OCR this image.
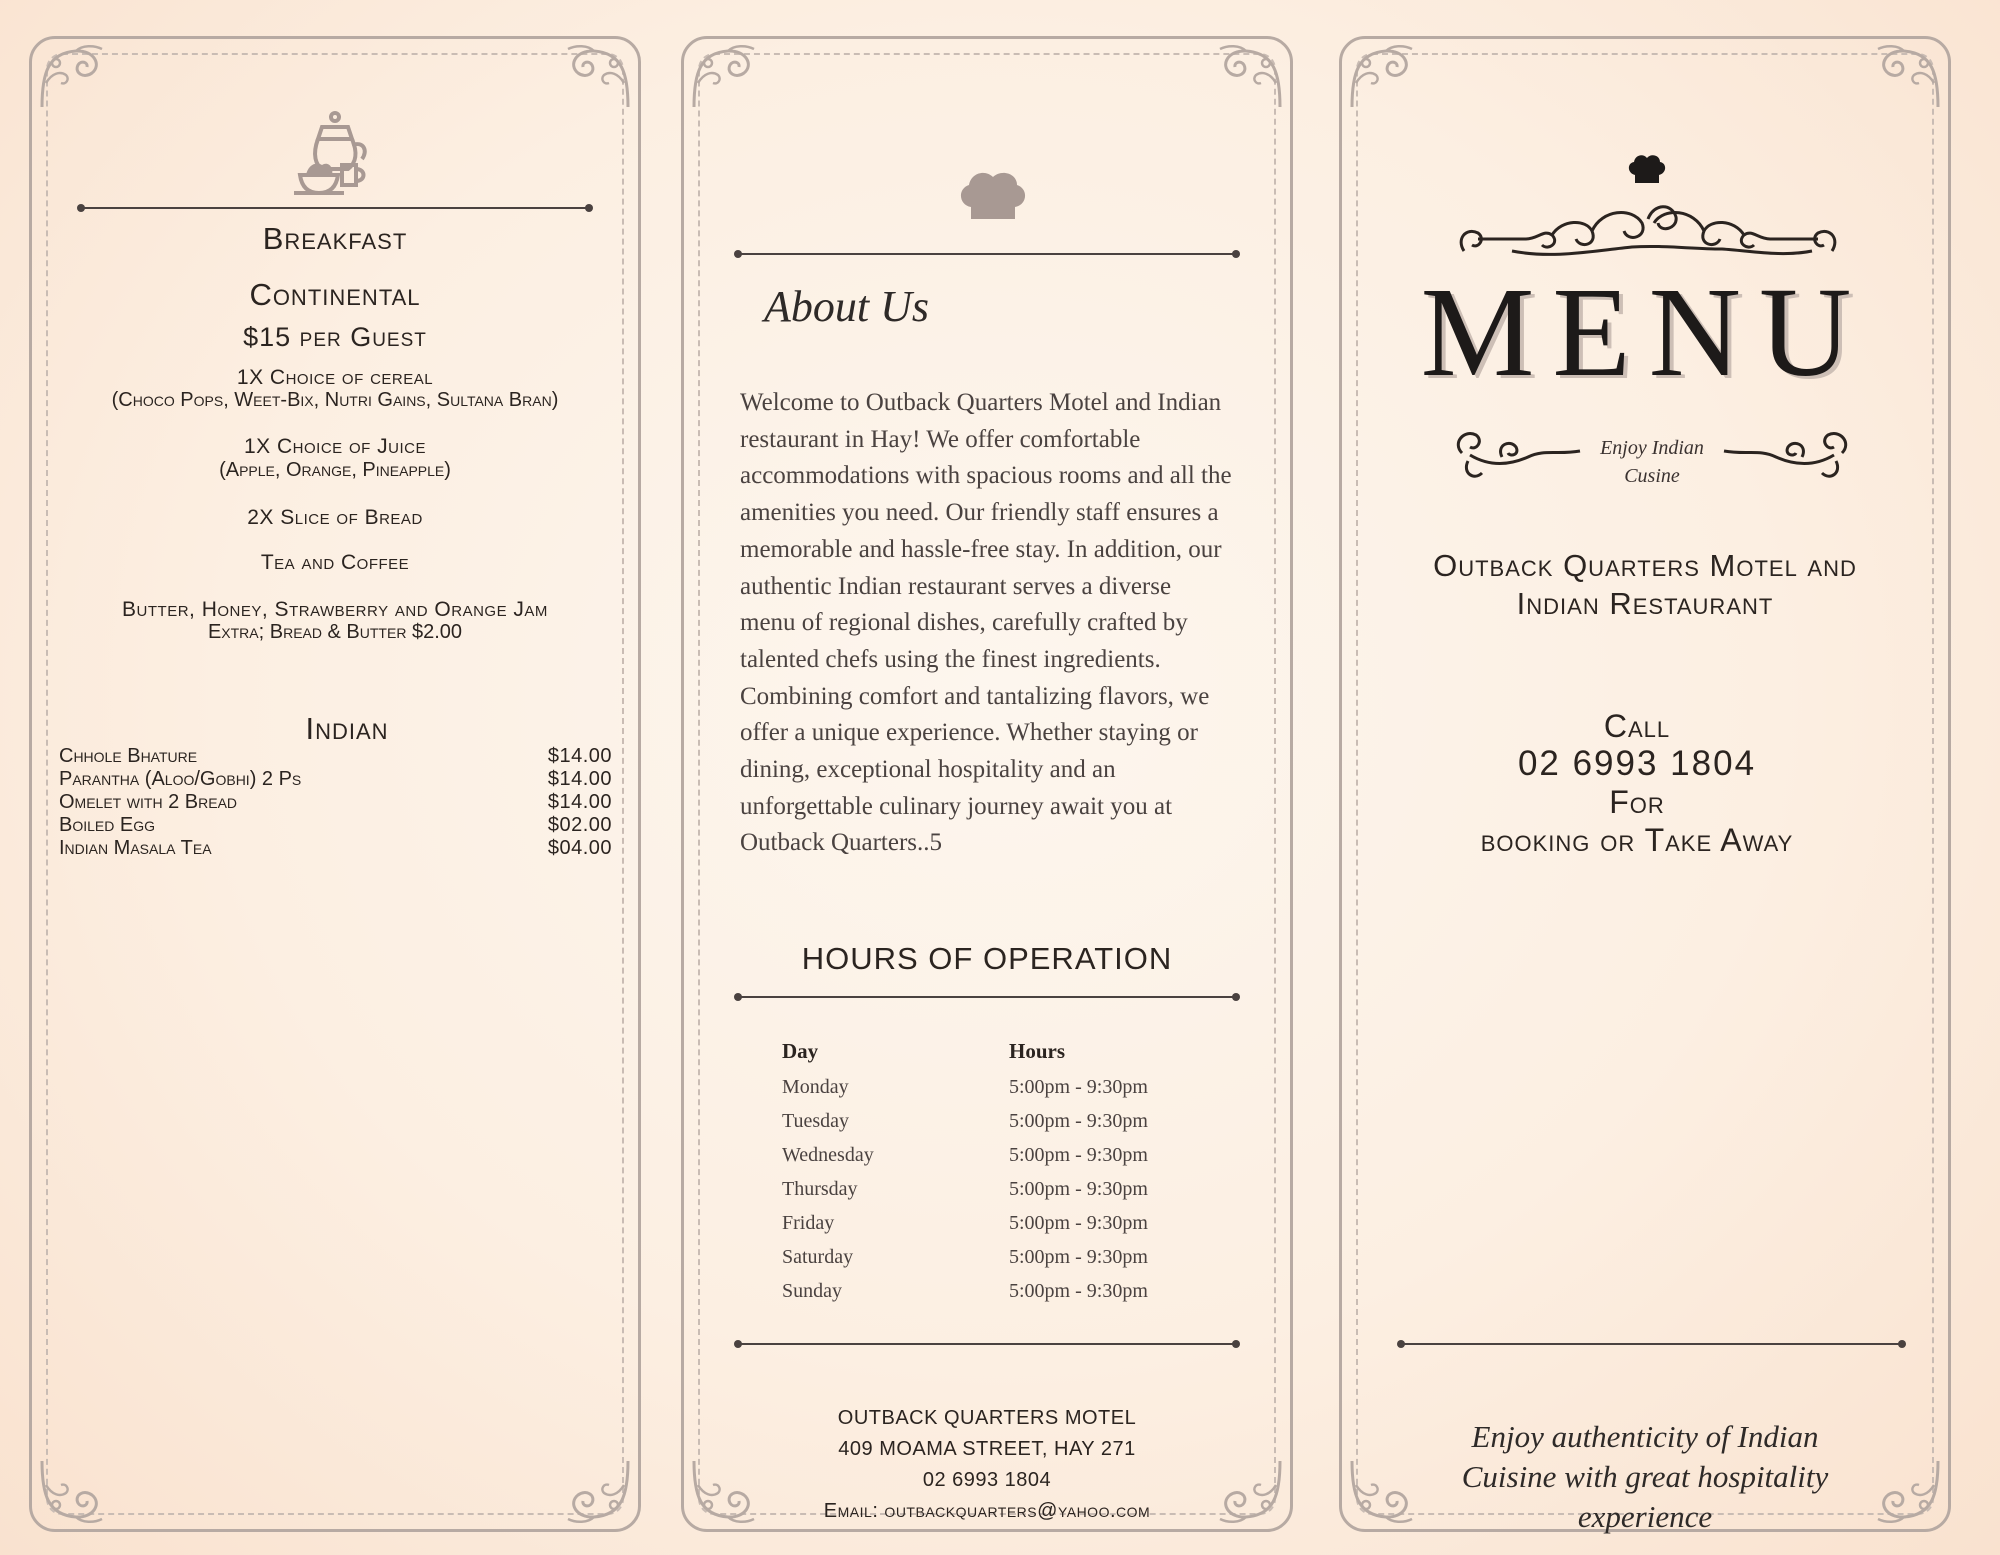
Breakfast
Continental
$15 per Guest
1X Choice of cereal
(Choco Pops, Weet-Bix, Nutri Gains, Sultana Bran)
1X Choice of Juice
(Apple, Orange, Pineapple)
2X Slice of Bread
Tea and Coffee
Butter, Honey, Strawberry and Orange Jam
Extra; Bread & Butter $2.00
Indian
Chhole Bhature	$14.00
Parantha (Aloo/Gobhi) 2 Ps	$14.00
Omelet with 2 Bread	$14.00
Boiled Egg	$02.00
Indian Masala Tea	$04.00
About Us
Welcome to Outback Quarters Motel and Indian
restaurant in Hay! We offer comfortable
accommodations with spacious rooms and all the
amenities you need. Our friendly staff ensures a
memorable and hassle-free stay. In addition, our
authentic Indian restaurant serves a diverse
menu of regional dishes, carefully crafted by
talented chefs using the finest ingredients.
Combining comfort and tantalizing flavors, we
offer a unique experience. Whether staying or
dining, exceptional hospitality and an
unforgettable culinary journey await you at
Outback Quarters..5
HOURS OF OPERATION
Day	Hours
Monday	5:00pm - 9:30pm
Tuesday	5:00pm - 9:30pm
Wednesday	5:00pm - 9:30pm
Thursday	5:00pm - 9:30pm
Friday	5:00pm - 9:30pm
Saturday	5:00pm - 9:30pm
Sunday	5:00pm - 9:30pm
OUTBACK QUARTERS MOTEL
409 MOAMA STREET, HAY 271
02 6993 1804
Email: outbackquarters@yahoo.com
MENU
Enjoy Indian
Cusine
Outback Quarters Motel and
Indian Restaurant
Call
02 6993 1804
For
booking or Take Away
Enjoy authenticity of Indian
Cuisine with great hospitality
experience
